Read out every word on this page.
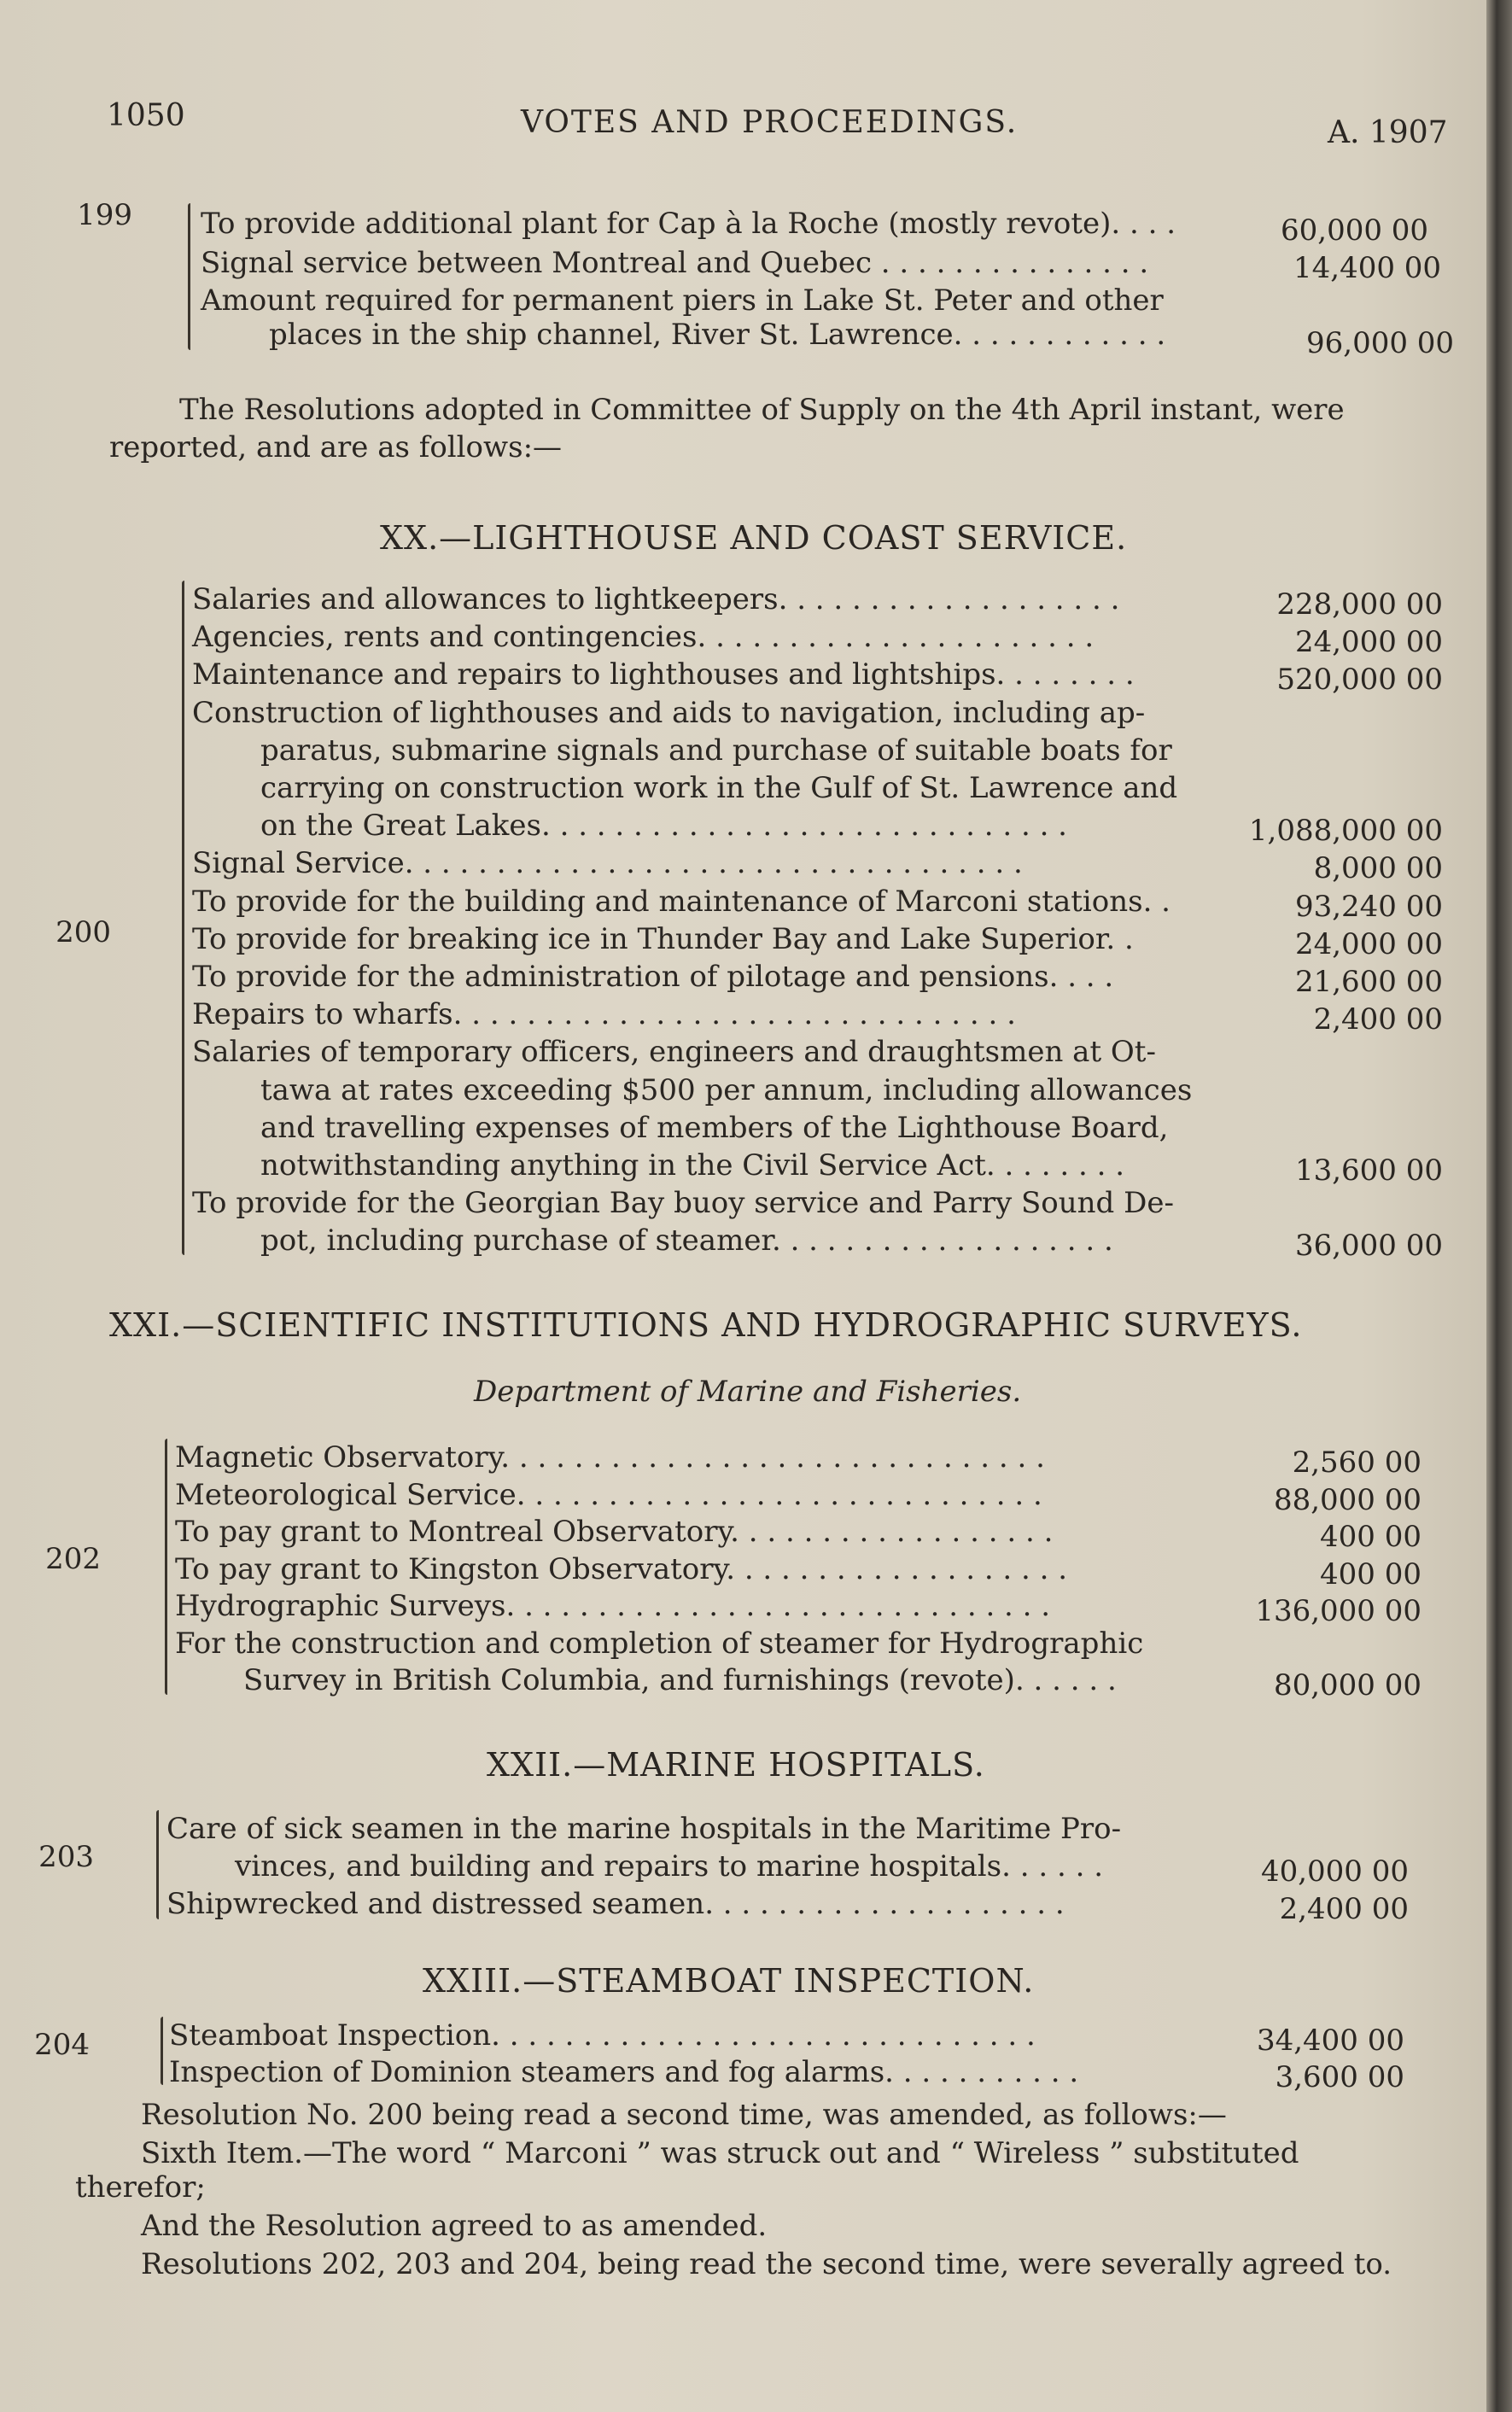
1050	VOTES AND PROCEEDINGS.	A. 1907
199 To provide additional plant for Cap à la Roche (mostly revote). . . .	60,000 00
Signal service between Montreal and Quebec . . . . . . . . . . . . . . .	14,400 00
Amount required for permanent piers in Lake St. Peter and other
places in the ship channel, River St. Lawrence. . . . . . . . . . . .	96,000 00
The Resolutions adopted in Committee of Supply on the 4th April instant, were
reported, and are as follows:—
XX.—LIGHTHOUSE AND COAST SERVICE.
200
Salaries and allowances to lightkeepers. . . . . . . . . . . . . . . . . . .	228,000 00
Agencies, rents and contingencies. . . . . . . . . . . . . . . . . . . . . .	24,000 00
Maintenance and repairs to lighthouses and lightships. . . . . . . .	520,000 00
Construction of lighthouses and aids to navigation, including ap-
paratus, submarine signals and purchase of suitable boats for
carrying on construction work in the Gulf of St. Lawrence and
on the Great Lakes. . . . . . . . . . . . . . . . . . . . . . . . . . . . .	1,088,000 00
Signal Service. . . . . . . . . . . . . . . . . . . . . . . . . . . . . . . . . .	8,000 00
To provide for the building and maintenance of Marconi stations. .	93,240 00
To provide for breaking ice in Thunder Bay and Lake Superior. .	24,000 00
To provide for the administration of pilotage and pensions. . . .	21,600 00
Repairs to wharfs. . . . . . . . . . . . . . . . . . . . . . . . . . . . . . .	2,400 00
Salaries of temporary officers, engineers and draughtsmen at Ot-
tawa at rates exceeding $500 per annum, including allowances
and travelling expenses of members of the Lighthouse Board,
notwithstanding anything in the Civil Service Act. . . . . . . .	13,600 00
To provide for the Georgian Bay buoy service and Parry Sound De-
pot, including purchase of steamer. . . . . . . . . . . . . . . . . . .	36,000 00
XXI.—SCIENTIFIC INSTITUTIONS AND HYDROGRAPHIC SURVEYS.
Department of Marine and Fisheries.
202
Magnetic Observatory. . . . . . . . . . . . . . . . . . . . . . . . . . . . . .	2,560 00
Meteorological Service. . . . . . . . . . . . . . . . . . . . . . . . . . . . .	88,000 00
To pay grant to Montreal Observatory. . . . . . . . . . . . . . . . . .	400 00
To pay grant to Kingston Observatory. . . . . . . . . . . . . . . . . . .	400 00
Hydrographic Surveys. . . . . . . . . . . . . . . . . . . . . . . . . . . . . .	136,000 00
For the construction and completion of steamer for Hydrographic
Survey in British Columbia, and furnishings (revote). . . . . .	80,000 00
XXII.—MARINE HOSPITALS.
203
Care of sick seamen in the marine hospitals in the Maritime Pro-
vinces, and building and repairs to marine hospitals. . . . . .	40,000 00
Shipwrecked and distressed seamen. . . . . . . . . . . . . . . . . . . .	2,400 00
XXIII.—STEAMBOAT INSPECTION.
204	Steamboat Inspection. . . . . . . . . . . . . . . . . . . . . . . . . . . . . .	34,400 00
Inspection of Dominion steamers and fog alarms. . . . . . . . . . .	3,600 00
Resolution No. 200 being read a second time, was amended, as follows:—
Sixth Item.—The word “ Marconi ” was struck out and “ Wireless ” substituted
therefor;
And the Resolution agreed to as amended.
Resolutions 202, 203 and 204, being read the second time, were severally agreed to.
